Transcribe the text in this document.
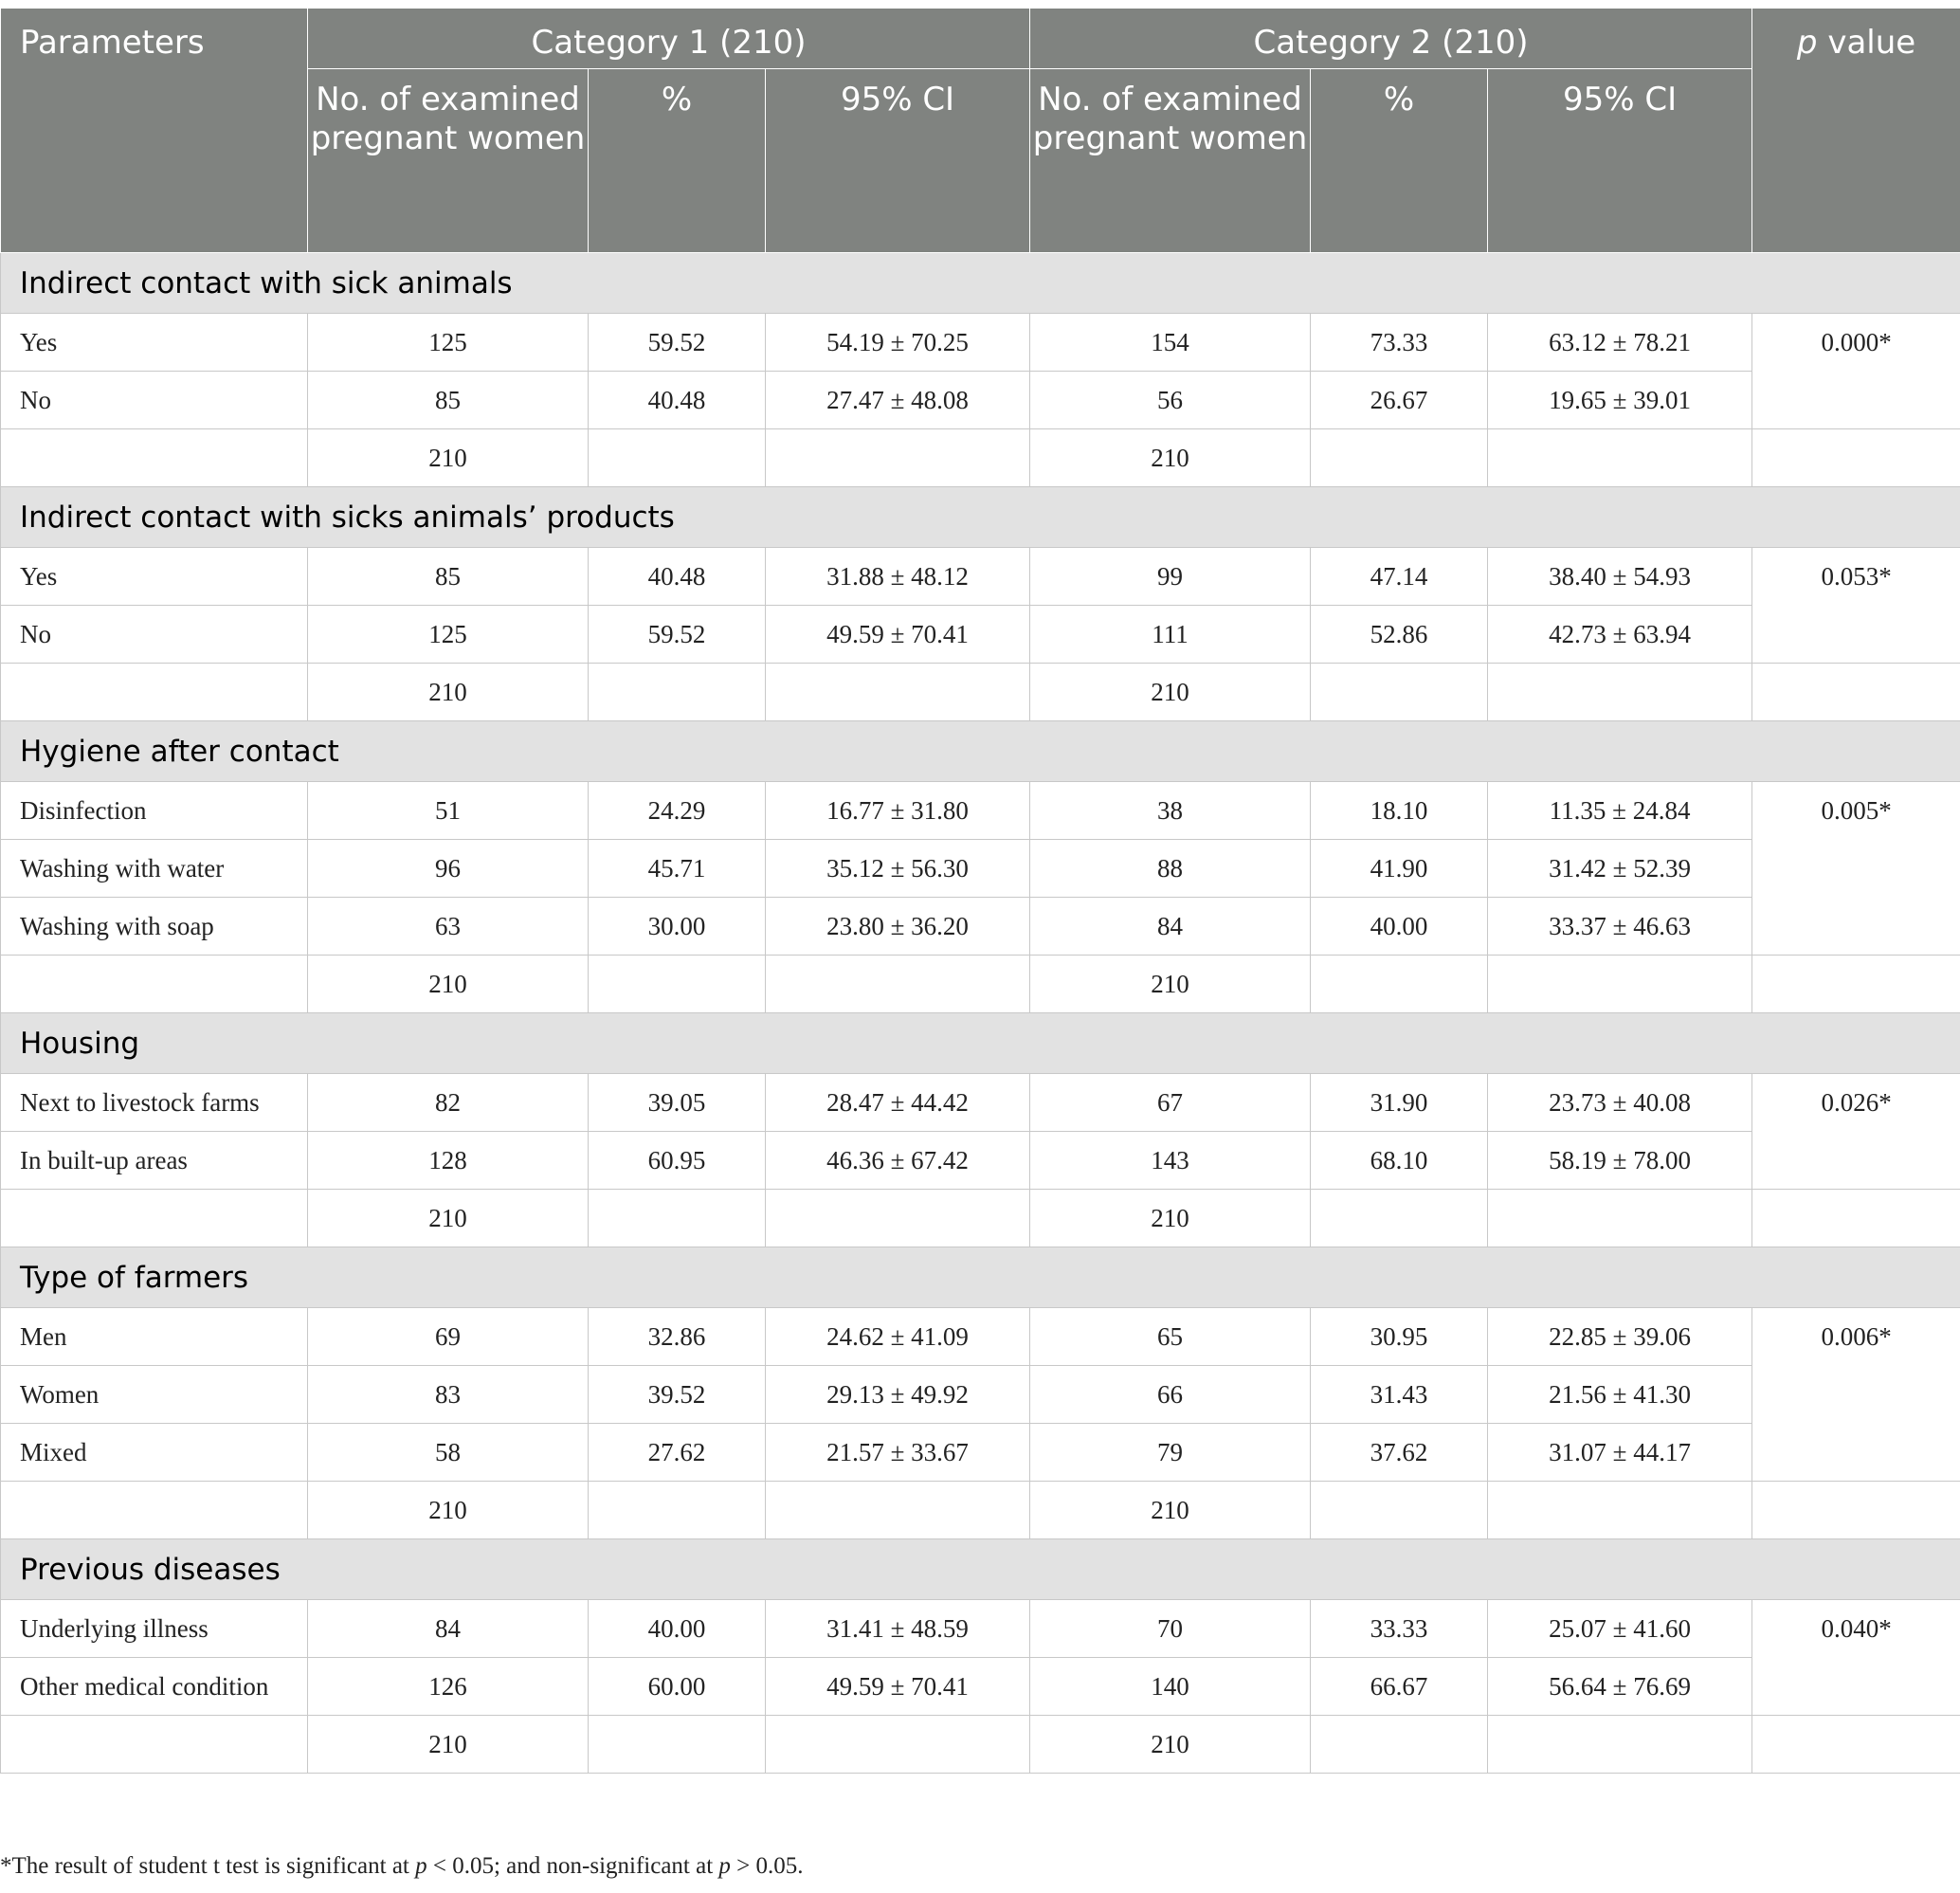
Parameters	Category 1 (210)			Category 2 (210)			p value
	No. of examined pregnant women	%	95% CI	No. of examined pregnant women	%	95% CI	
Indirect contact with sick animals							
Yes	125	59.52	54.19 ± 70.25	154	73.33	63.12 ± 78.21	0.000*
No	85	40.48	27.47 ± 48.08	56	26.67	19.65 ± 39.01	
	210			210			
Indirect contact with sicks animals’ products							
Yes	85	40.48	31.88 ± 48.12	99	47.14	38.40 ± 54.93	0.053*
No	125	59.52	49.59 ± 70.41	111	52.86	42.73 ± 63.94	
	210			210			
Hygiene after contact							
Disinfection	51	24.29	16.77 ± 31.80	38	18.10	11.35 ± 24.84	0.005*
Washing with water	96	45.71	35.12 ± 56.30	88	41.90	31.42 ± 52.39	
Washing with soap	63	30.00	23.80 ± 36.20	84	40.00	33.37 ± 46.63	
	210			210			
Housing							
Next to livestock farms	82	39.05	28.47 ± 44.42	67	31.90	23.73 ± 40.08	0.026*
In built-up areas	128	60.95	46.36 ± 67.42	143	68.10	58.19 ± 78.00	
	210			210			
Type of farmers							
Men	69	32.86	24.62 ± 41.09	65	30.95	22.85 ± 39.06	0.006*
Women	83	39.52	29.13 ± 49.92	66	31.43	21.56 ± 41.30	
Mixed	58	27.62	21.57 ± 33.67	79	37.62	31.07 ± 44.17	
	210			210			
Previous diseases							
Underlying illness	84	40.00	31.41 ± 48.59	70	33.33	25.07 ± 41.60	0.040*
Other medical condition	126	60.00	49.59 ± 70.41	140	66.67	56.64 ± 76.69	
	210			210			
*The result of student t test is significant at p < 0.05; and non-significant at p > 0.05.
